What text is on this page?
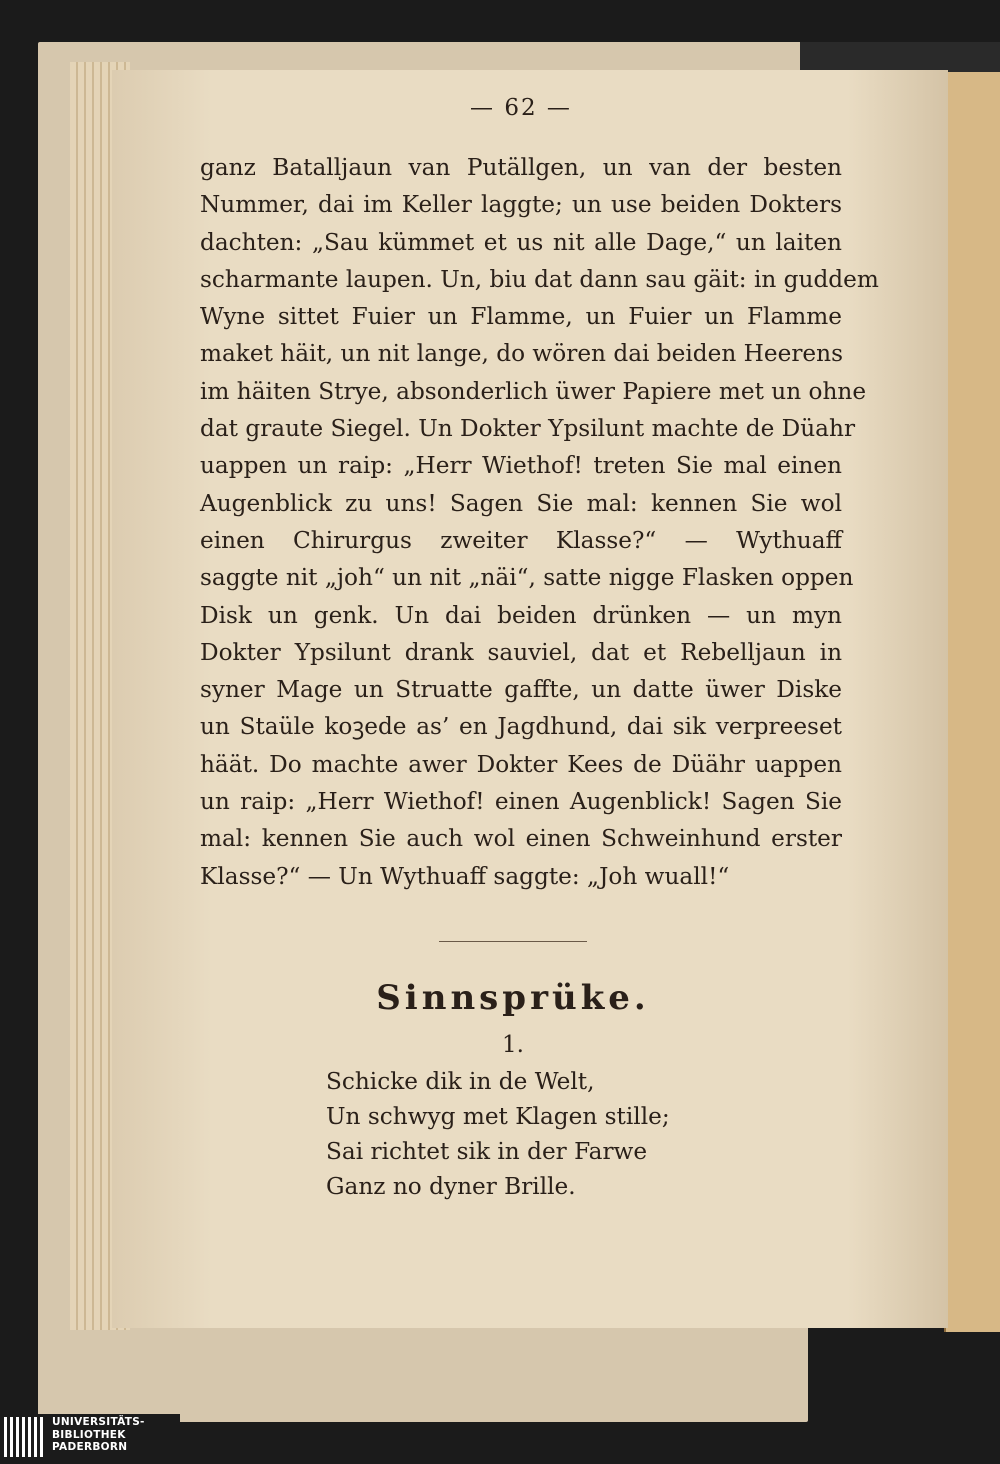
— 62 —

ganz Batalljaun van Putällgen, un van der besten

Nummer, dai im Keller laggte; un use beiden Dokters

dachten: „Sau kümmet et us nit alle Dage,“ un laiten

scharmante laupen. Un, biu dat dann sau gäit: in guddem

Wyne sittet Fuier un Flamme, un Fuier un Flamme

maket häit, un nit lange, do wören dai beiden Heerens

im häiten Strye, absonderlich üwer Papiere met un ohne

dat graute Siegel. Un Dokter Ypsilunt machte de Düahr

uappen un raip: „Herr Wiethof! treten Sie mal einen

Augenblick zu uns! Sagen Sie mal: kennen Sie wol

einen Chirurgus zweiter Klasse?“ — Wythuaff

saggte nit „joh“ un nit „näi“, satte nigge Flasken oppen

Disk un genk. Un dai beiden drünken — un myn

Dokter Ypsilunt drank sauviel, dat et Rebelljaun in

syner Mage un Struatte gaffte, un datte üwer Diske

un Staüle koꝫede as’ en Jagdhund, dai sik verpreeset

häät. Do machte awer Dokter Kees de Düähr uappen

un raip: „Herr Wiethof! einen Augenblick! Sagen Sie

mal: kennen Sie auch wol einen Schweinhund erster

Klasse?“ — Un Wythuaff saggte: „Joh wuall!“

Sinnsprüke.
1.

Schicke dik in de Welt,

Un schwyg met Klagen stille;

Sai richtet sik in der Farwe

Ganz no dyner Brille.

UNIVERSITÄTS-
BIBLIOTHEK
PADERBORN
